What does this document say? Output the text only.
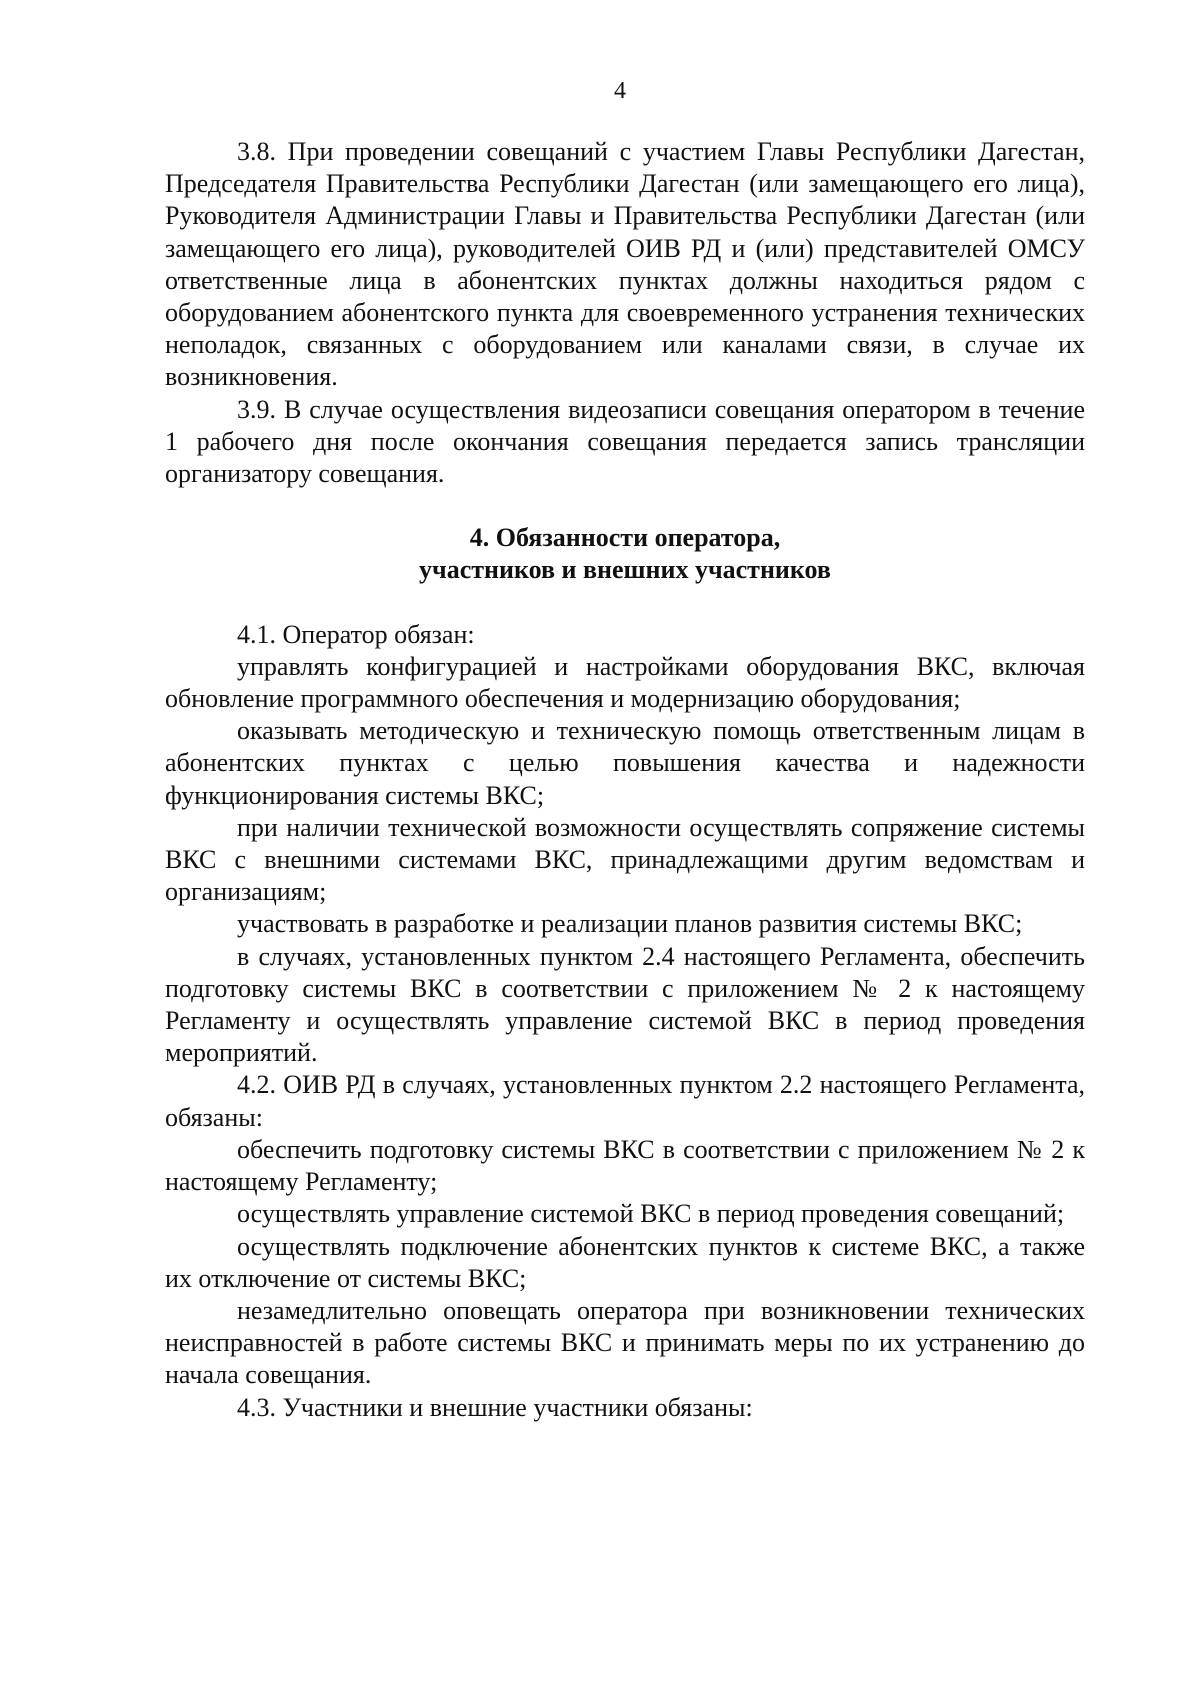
4

3.8. При проведении совещаний с участием Главы Республики Дагестан, Председателя Правительства Республики Дагестан (или замещающего его лица), Руководителя Администрации Главы и Правительства Республики Дагестан (или замещающего его лица), руководителей ОИВ РД и (или) представителей ОМСУ ответственные лица в абонентских пунктах должны находиться рядом с оборудованием абонентского пункта для своевременного устранения технических неполадок, связанных с оборудованием или каналами связи, в случае их возникновения.

3.9. В случае осуществления видеозаписи совещания оператором в течение 1 рабочего дня после окончания совещания передается запись трансляции организатору совещания.

4. Обязанности оператора,
участников и внешних участников

4.1. Оператор обязан:

управлять конфигурацией и настройками оборудования ВКС, включая обновление программного обеспечения и модернизацию оборудования;

оказывать методическую и техническую помощь ответственным лицам в абонентских пунктах с целью повышения качества и надежности функционирования системы ВКС;

при наличии технической возможности осуществлять сопряжение системы ВКС с внешними системами ВКС, принадлежащими другим ведомствам и организациям;

участвовать в разработке и реализации планов развития системы ВКС;

в случаях, установленных пунктом 2.4 настоящего Регламента, обеспечить подготовку системы ВКС в соответствии с приложением № 2 к настоящему Регламенту и осуществлять управление системой ВКС в период проведения мероприятий.

4.2. ОИВ РД в случаях, установленных пунктом 2.2 настоящего Регламента, обязаны:

обеспечить подготовку системы ВКС в соответствии с приложением № 2 к настоящему Регламенту;

осуществлять управление системой ВКС в период проведения совещаний;

осуществлять подключение абонентских пунктов к системе ВКС, а также их отключение от системы ВКС;

незамедлительно оповещать оператора при возникновении технических неисправностей в работе системы ВКС и принимать меры по их устранению до начала совещания.

4.3. Участники и внешние участники обязаны:
